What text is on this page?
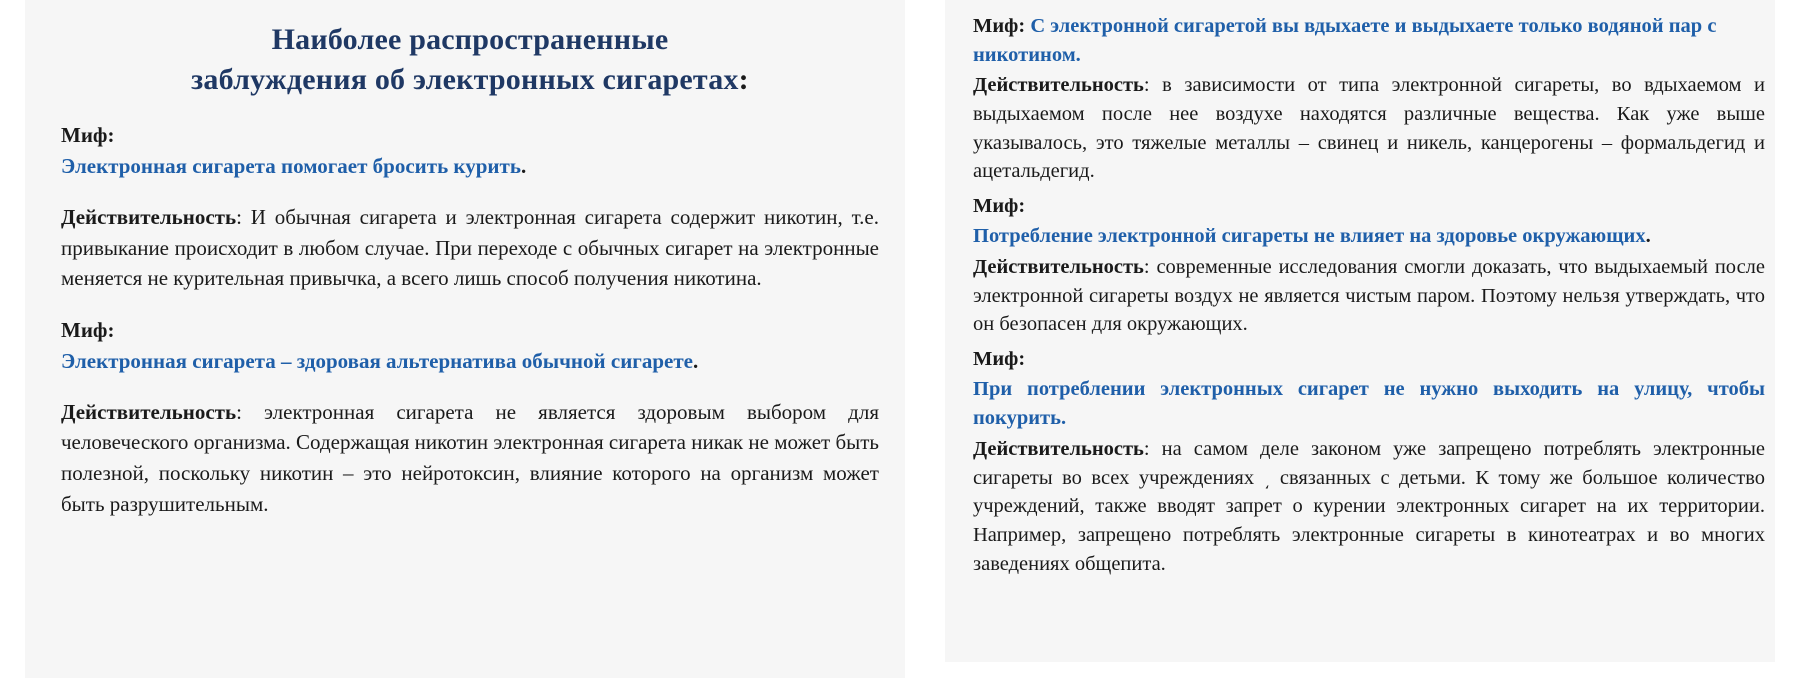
Наиболее распространенные
заблуждения об электронных сигаретах:

Миф:

Электронная сигарета помогает бросить курить.

Действительность: И обычная сигарета и электронная сигарета содержит никотин, т.е. привыкание происходит в любом случае. При переходе с обычных сигарет на электронные меняется не курительная привычка, а всего лишь способ получения никотина.

Миф:

Электронная сигарета – здоровая альтернатива обычной сигарете.

Действительность: электронная сигарета не является здоровым выбором для человеческого организма. Содержащая никотин электронная сигарета никак не может быть полезной, поскольку никотин – это нейротоксин, влияние которого на организм может быть разрушительным.

Миф: С электронной сигаретой вы вдыхаете и выдыхаете только водяной пар с никотином.

Действительность: в зависимости от типа электронной сигареты, во вдыхаемом и выдыхаемом после нее воздухе находятся различные вещества. Как уже выше указывалось, это тяжелые металлы – свинец и никель, канцерогены – формальдегид и ацетальдегид.

Миф:

Потребление электронной сигареты не влияет на здоровье окружающих.

Действительность: современные исследования смогли доказать, что выдыхаемый после электронной сигареты воздух не является чистым паром. Поэтому нельзя утверждать, что он безопасен для окружающих.

Миф:

При потреблении электронных сигарет не нужно выходить на улицу, чтобы покурить.

Действительность: на самом деле законом уже запрещено потреблять электронные сигареты во всех учреждениях ͵ связанных с детьми. К тому же большое количество учреждений, также вводят запрет о курении электронных сигарет на их территории. Например, запрещено потреблять электронные сигареты в кинотеатрах и во многих заведениях общепита.
